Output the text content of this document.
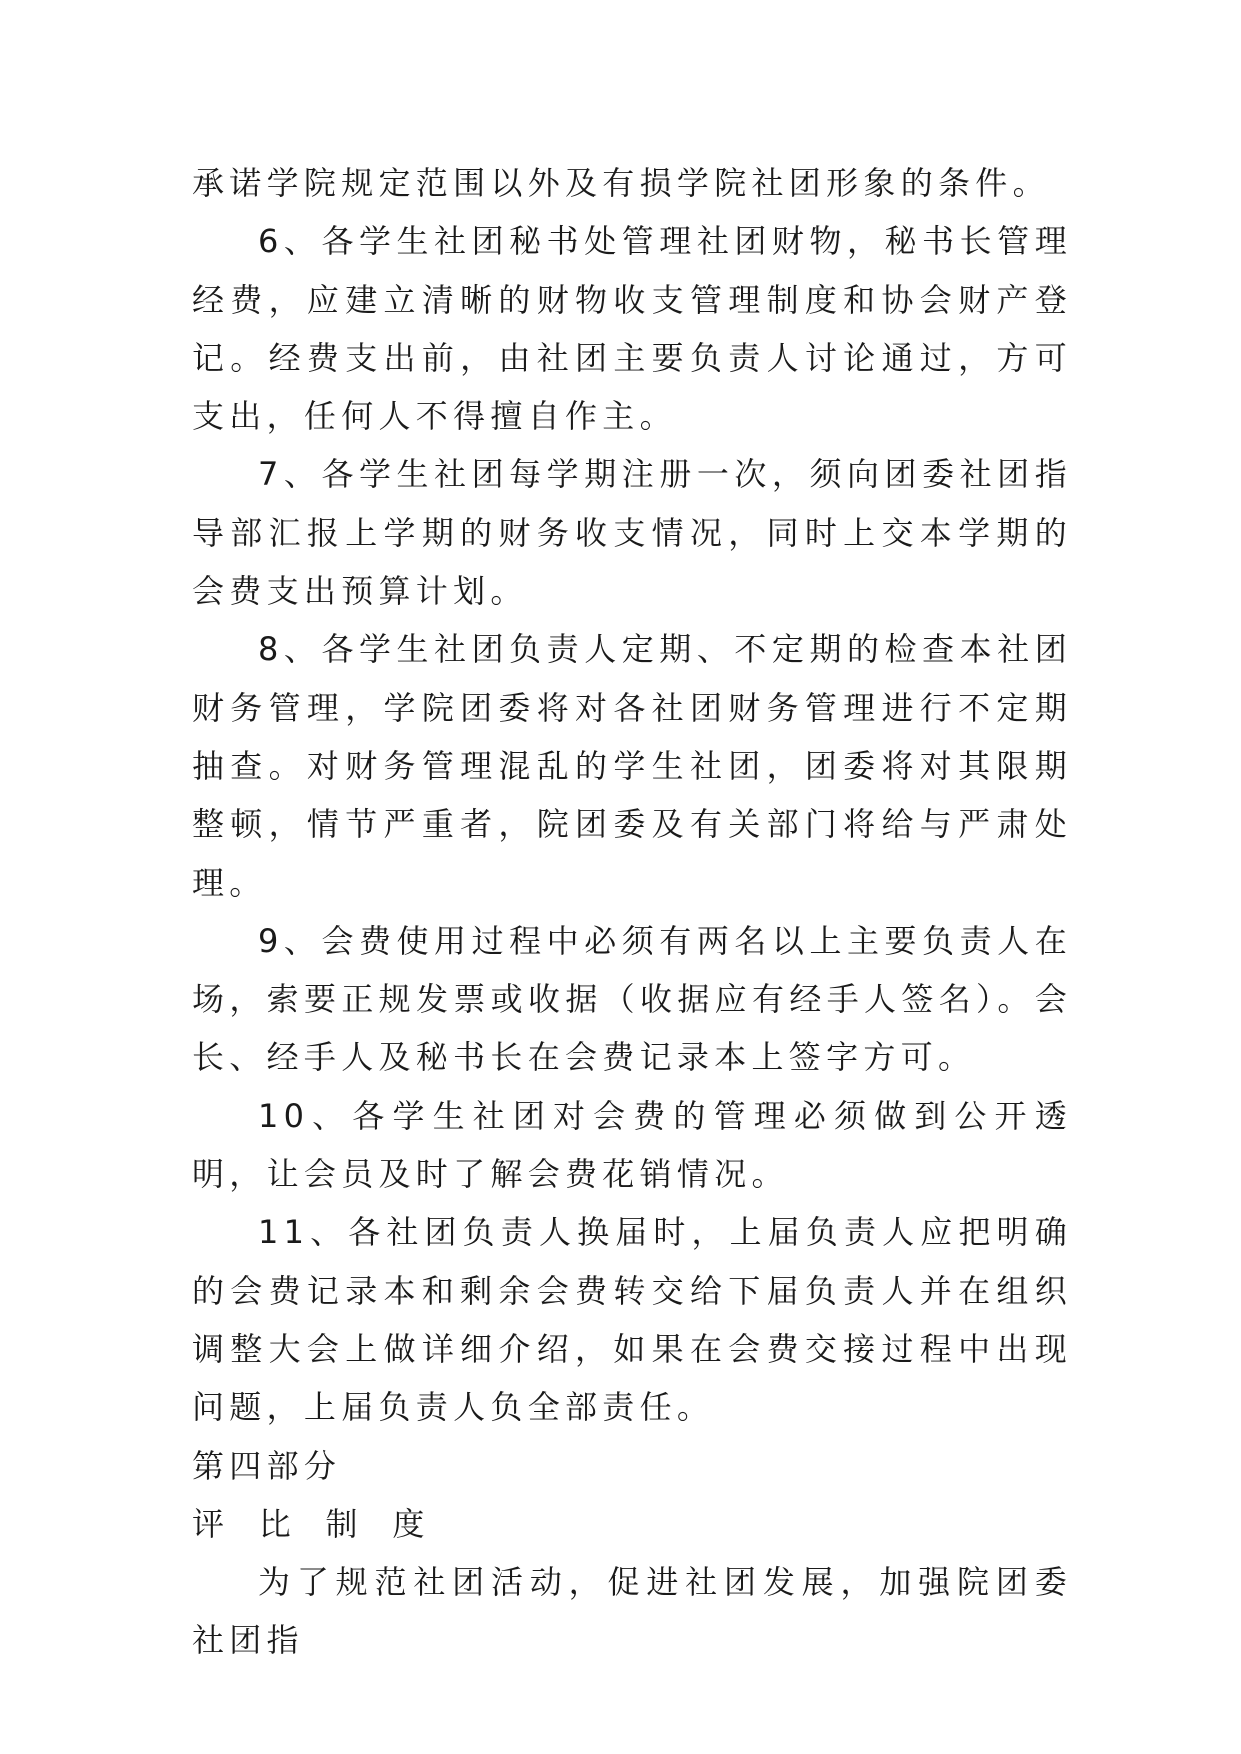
承诺学院规定范围以外及有损学院社团形象的条件。

6、各学生社团秘书处管理社团财物，秘书长管理经费，应建立清晰的财物收支管理制度和协会财产登记。经费支出前，由社团主要负责人讨论通过，方可支出，任何人不得擅自作主。

7、各学生社团每学期注册一次，须向团委社团指导部汇报上学期的财务收支情况，同时上交本学期的会费支出预算计划。

8、各学生社团负责人定期、不定期的检查本社团财务管理，学院团委将对各社团财务管理进行不定期抽查。对财务管理混乱的学生社团，团委将对其限期整顿，情节严重者，院团委及有关部门将给与严肃处理。

9、会费使用过程中必须有两名以上主要负责人在场，索要正规发票或收据（收据应有经手人签名）。会长、经手人及秘书长在会费记录本上签字方可。

10、各学生社团对会费的管理必须做到公开透明，让会员及时了解会费花销情况。

11、各社团负责人换届时，上届负责人应把明确的会费记录本和剩余会费转交给下届负责人并在组织调整大会上做详细介绍，如果在会费交接过程中出现问题，上届负责人负全部责任。

第四部分

评 比 制 度

为了规范社团活动，促进社团发展，加强院团委社团指
